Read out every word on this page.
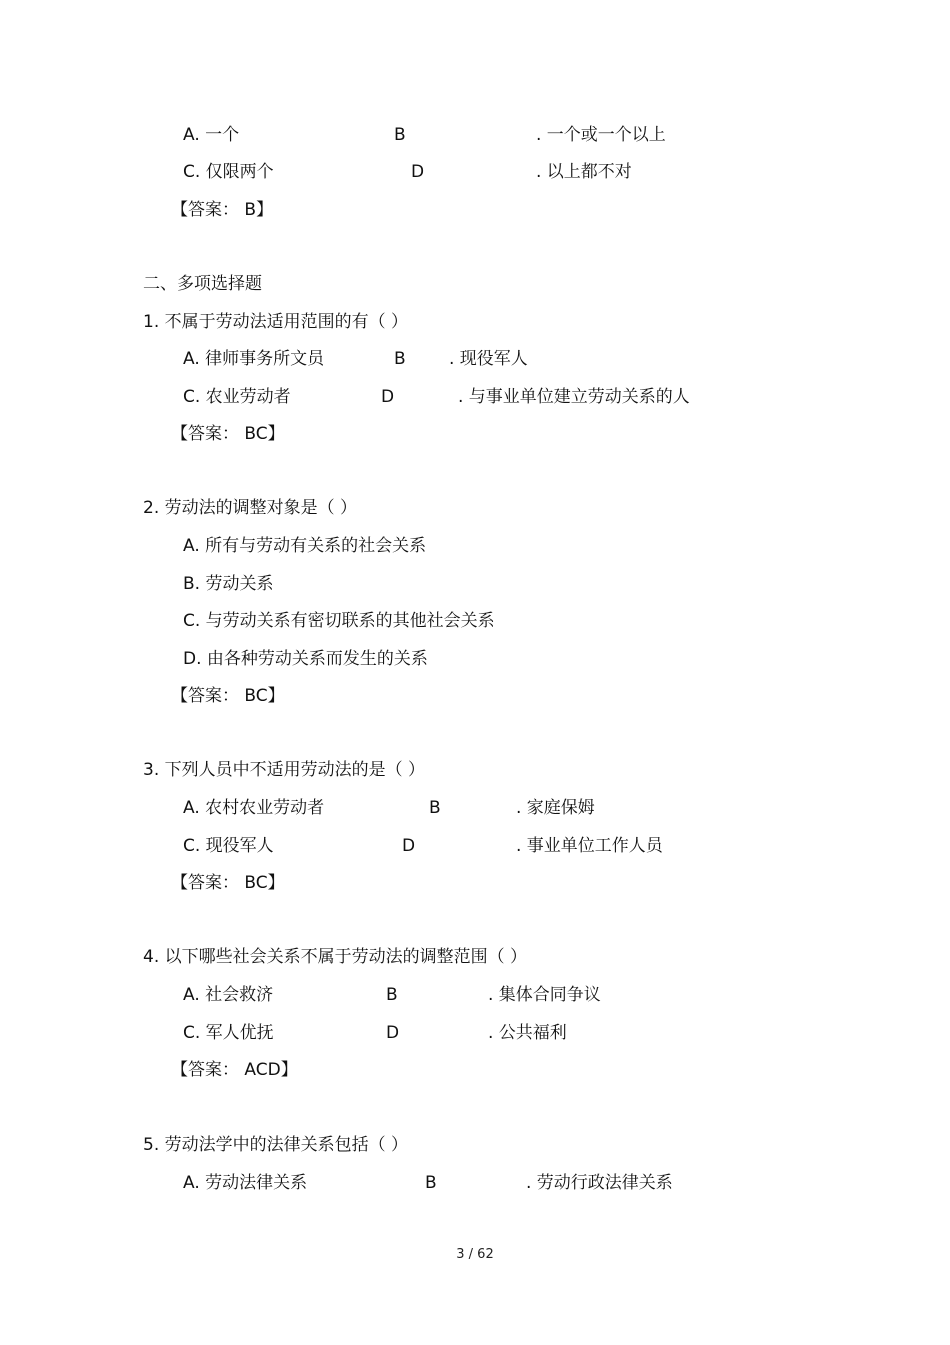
A. 一个	B	. 一个或一个以上
C. 仅限两个	D	. 以上都不对
【答案： B】
二、多项选择题
1. 不属于劳动法适用范围的有（ ）
A. 律师事务所文员	B	. 现役军人
C. 农业劳动者	D	. 与事业单位建立劳动关系的人
【答案： BC】
2. 劳动法的调整对象是（ ）
A. 所有与劳动有关系的社会关系
B. 劳动关系
C. 与劳动关系有密切联系的其他社会关系
D. 由各种劳动关系而发生的关系
【答案： BC】
3. 下列人员中不适用劳动法的是（ ）
A. 农村农业劳动者	B	. 家庭保姆
C. 现役军人	D	. 事业单位工作人员
【答案： BC】
4. 以下哪些社会关系不属于劳动法的调整范围（ ）
A. 社会救济	B	. 集体合同争议
C. 军人优抚	D	. 公共福利
【答案： ACD】
5. 劳动法学中的法律关系包括（ ）
A. 劳动法律关系	B	. 劳动行政法律关系
3 / 62
